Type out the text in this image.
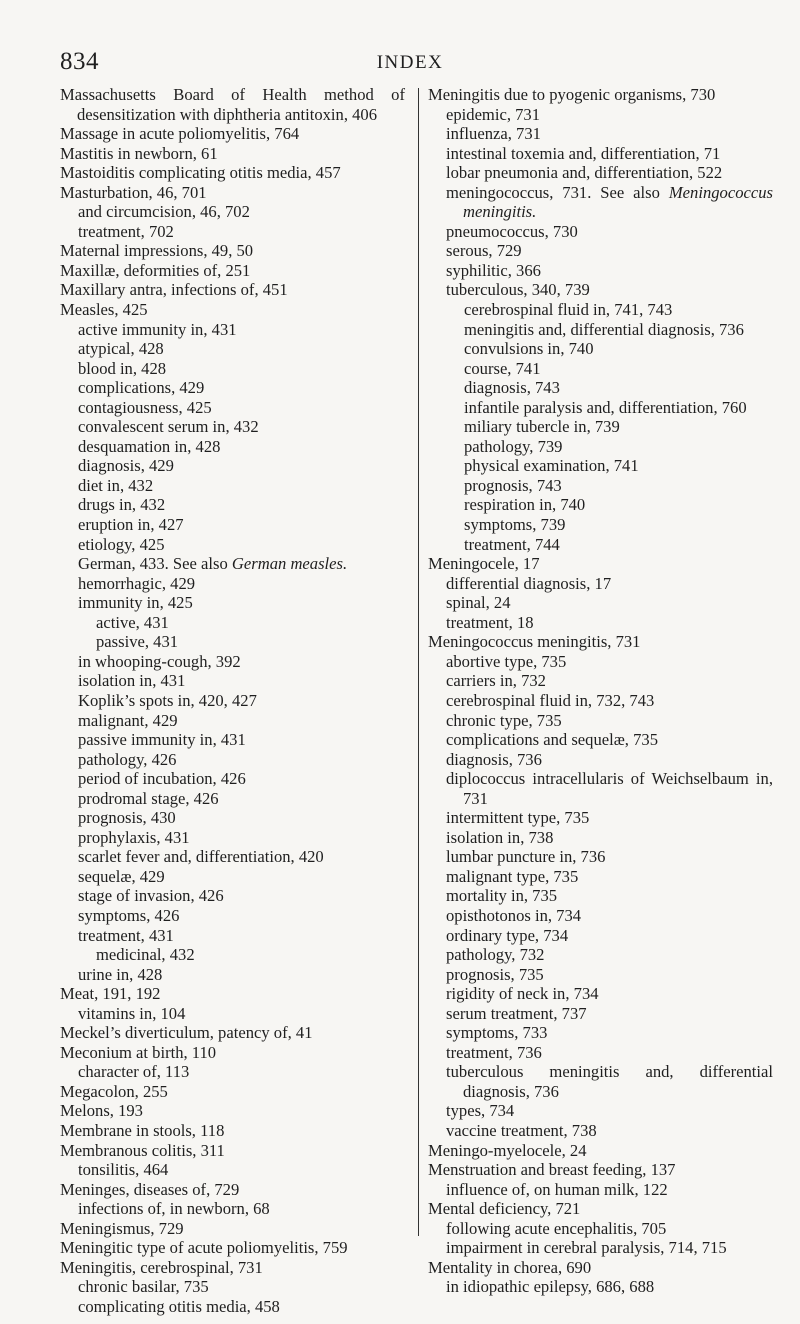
834	INDEX
Massachusetts Board of Health method of desensitization with diphtheria antitoxin, 406
Massage in acute poliomyelitis, 764
Mastitis in newborn, 61
Mastoiditis complicating otitis media, 457
Masturbation, 46, 701
and circumcision, 46, 702
treatment, 702
Maternal impressions, 49, 50
Maxillæ, deformities of, 251
Maxillary antra, infections of, 451
Measles, 425
active immunity in, 431
atypical, 428
blood in, 428
complications, 429
contagiousness, 425
convalescent serum in, 432
desquamation in, 428
diagnosis, 429
diet in, 432
drugs in, 432
eruption in, 427
etiology, 425
German, 433. See also German measles.
hemorrhagic, 429
immunity in, 425
active, 431
passive, 431
in whooping-cough, 392
isolation in, 431
Koplik’s spots in, 420, 427
malignant, 429
passive immunity in, 431
pathology, 426
period of incubation, 426
prodromal stage, 426
prognosis, 430
prophylaxis, 431
scarlet fever and, differentiation, 420
sequelæ, 429
stage of invasion, 426
symptoms, 426
treatment, 431
medicinal, 432
urine in, 428
Meat, 191, 192
vitamins in, 104
Meckel’s diverticulum, patency of, 41
Meconium at birth, 110
character of, 113
Megacolon, 255
Melons, 193
Membrane in stools, 118
Membranous colitis, 311
tonsilitis, 464
Meninges, diseases of, 729
infections of, in newborn, 68
Meningismus, 729
Meningitic type of acute poliomyelitis, 759
Meningitis, cerebrospinal, 731
chronic basilar, 735
complicating otitis media, 458
Meningitis due to pyogenic organisms, 730
epidemic, 731
influenza, 731
intestinal toxemia and, differentiation, 71
lobar pneumonia and, differentiation, 522
meningococcus, 731. See also Meningococcus meningitis.
pneumococcus, 730
serous, 729
syphilitic, 366
tuberculous, 340, 739
cerebrospinal fluid in, 741, 743
meningitis and, differential diagnosis, 736
convulsions in, 740
course, 741
diagnosis, 743
infantile paralysis and, differentiation, 760
miliary tubercle in, 739
pathology, 739
physical examination, 741
prognosis, 743
respiration in, 740
symptoms, 739
treatment, 744
Meningocele, 17
differential diagnosis, 17
spinal, 24
treatment, 18
Meningococcus meningitis, 731
abortive type, 735
carriers in, 732
cerebrospinal fluid in, 732, 743
chronic type, 735
complications and sequelæ, 735
diagnosis, 736
diplococcus intracellularis of Weichselbaum in, 731
intermittent type, 735
isolation in, 738
lumbar puncture in, 736
malignant type, 735
mortality in, 735
opisthotonos in, 734
ordinary type, 734
pathology, 732
prognosis, 735
rigidity of neck in, 734
serum treatment, 737
symptoms, 733
treatment, 736
tuberculous meningitis and, differential diagnosis, 736
types, 734
vaccine treatment, 738
Meningo-myelocele, 24
Menstruation and breast feeding, 137
influence of, on human milk, 122
Mental deficiency, 721
following acute encephalitis, 705
impairment in cerebral paralysis, 714, 715
Mentality in chorea, 690
in idiopathic epilepsy, 686, 688
